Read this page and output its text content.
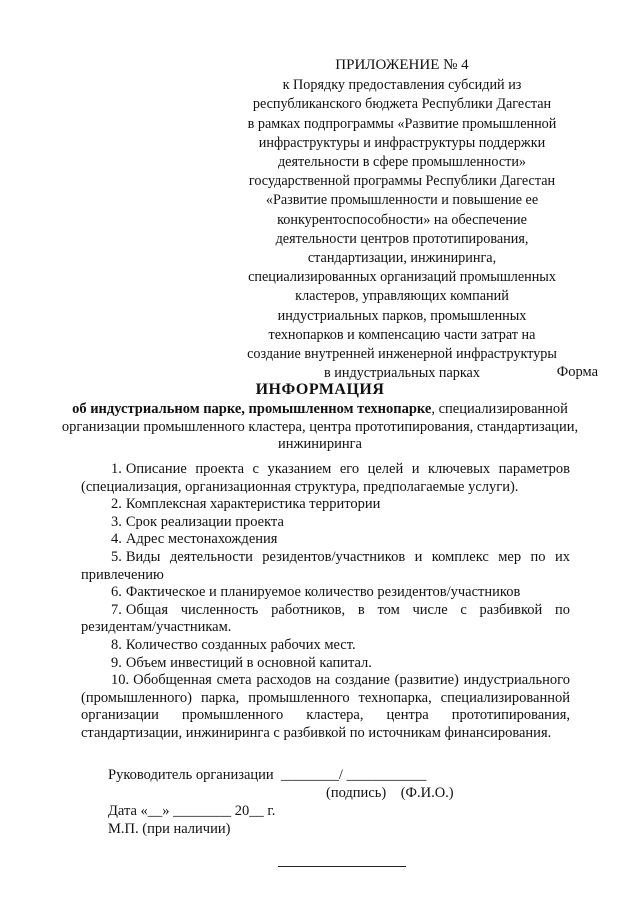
ПРИЛОЖЕНИЕ № 4
к Порядку предоставления субсидий из
республиканского бюджета Республики Дагестан
в рамках подпрограммы «Развитие промышленной
инфраструктуры и инфраструктуры поддержки
деятельности в сфере промышленности»
государственной программы Республики Дагестан
«Развитие промышленности и повышение ее
конкурентоспособности» на обеспечение
деятельности центров прототипирования,
стандартизации, инжиниринга,
специализированных организаций промышленных
кластеров, управляющих компаний
индустриальных парков, промышленных
технопарков и компенсацию части затрат на
создание внутренней инженерной инфраструктуры
в индустриальных парках	Форма
ИНФОРМАЦИЯ
об индустриальном парке, промышленном технопарке, специализированной организации промышленного кластера, центра прототипирования, стандартизации, инжиниринга

1. Описание проекта с указанием его целей и ключевых параметров (специализация, организационная структура, предполагаемые услуги).

2. Комплексная характеристика территории

3. Срок реализации проекта

4. Адрес местонахождения

5. Виды деятельности резидентов/участников и комплекс мер по их привлечению

6. Фактическое и планируемое количество резидентов/участников

7. Общая численность работников, в том числе с разбивкой по резидентам/участникам.

8. Количество созданных рабочих мест.

9. Объем инвестиций в основной капитал.

10. Обобщенная смета расходов на создание (развитие) индустриального (промышленного) парка, промышленного технопарка, специализированной организации промышленного кластера, центра прототипирования, стандартизации, инжиниринга с разбивкой по источникам финансирования.

Руководитель организации  ________/ ___________
(подпись)    (Ф.И.О.)
Дата «__» ________ 20__ г.
М.П. (при наличии)
